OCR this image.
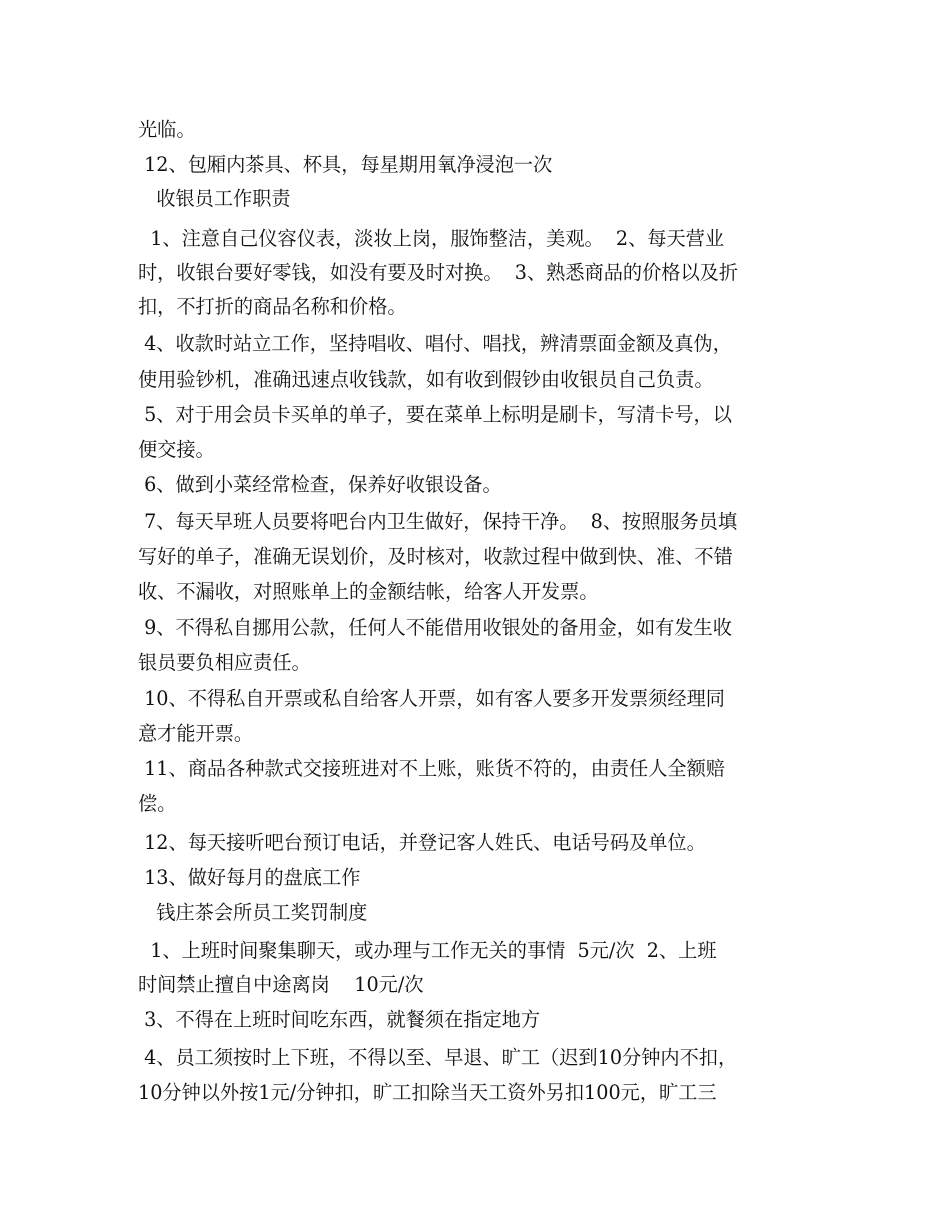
光临。
12、包厢内茶具、杯具，每星期用氧净浸泡一次
收银员工作职责
1、注意自己仪容仪表，淡妆上岗，服饰整洁，美观。  2、每天营业
时，收银台要好零钱，如没有要及时对换。  3、熟悉商品的价格以及折
扣，不打折的商品名称和价格。
4、收款时站立工作，坚持唱收、唱付、唱找，辨清票面金额及真伪，
使用验钞机，准确迅速点收钱款，如有收到假钞由收银员自己负责。
5、对于用会员卡买单的单子，要在菜单上标明是刷卡，写清卡号，以
便交接。
6、做到小菜经常检查，保养好收银设备。
7、每天早班人员要将吧台内卫生做好，保持干净。  8、按照服务员填
写好的单子，准确无误划价，及时核对，收款过程中做到快、准、不错
收、不漏收，对照账单上的金额结帐，给客人开发票。
9、不得私自挪用公款，任何人不能借用收银处的备用金，如有发生收
银员要负相应责任。
10、不得私自开票或私自给客人开票，如有客人要多开发票须经理同
意才能开票。
11、商品各种款式交接班进对不上账，账货不符的，由责任人全额赔
偿。
12、每天接听吧台预订电话，并登记客人姓氏、电话号码及单位。
13、做好每月的盘底工作
钱庄茶会所员工奖罚制度
1、上班时间聚集聊天，或办理与工作无关的事情  5元/次  2、上班
时间禁止擅自中途离岗    10元/次
3、不得在上班时间吃东西，就餐须在指定地方
4、员工须按时上下班，不得以至、早退、旷工（迟到10分钟内不扣，
10分钟以外按1元/分钟扣，旷工扣除当天工资外另扣100元，旷工三
